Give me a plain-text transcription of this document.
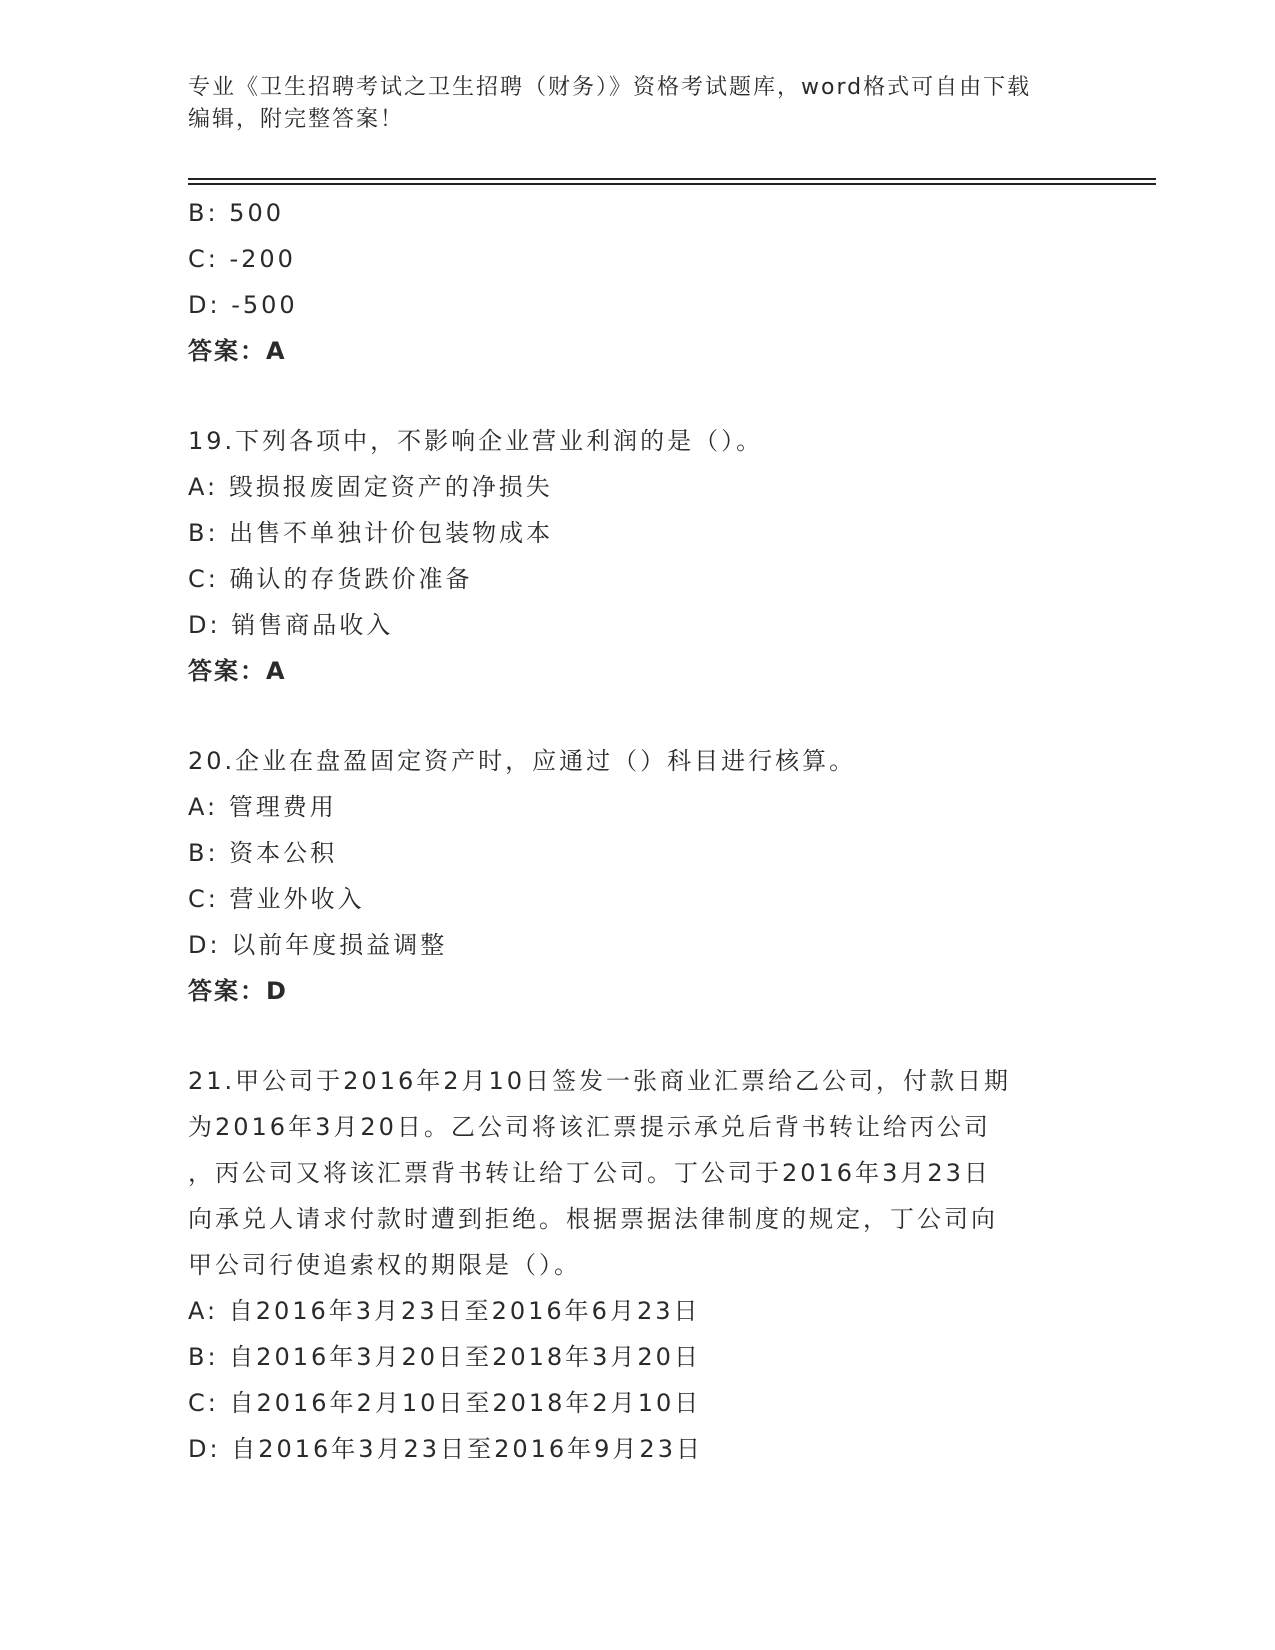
专业《卫生招聘考试之卫生招聘（财务）》资格考试题库，word格式可自由下载
编辑，附完整答案！
B: 500
C: -200
D: -500
答案：A
19.下列各项中，不影响企业营业利润的是（）。
A: 毁损报废固定资产的净损失
B: 出售不单独计价包装物成本
C: 确认的存货跌价准备
D: 销售商品收入
答案：A
20.企业在盘盈固定资产时，应通过（）科目进行核算。
A: 管理费用
B: 资本公积
C: 营业外收入
D: 以前年度损益调整
答案：D
21.甲公司于2016年2月10日签发一张商业汇票给乙公司，付款日期
为2016年3月20日。乙公司将该汇票提示承兑后背书转让给丙公司
，丙公司又将该汇票背书转让给丁公司。丁公司于2016年3月23日
向承兑人请求付款时遭到拒绝。根据票据法律制度的规定，丁公司向
甲公司行使追索权的期限是（）。
A: 自2016年3月23日至2016年6月23日
B: 自2016年3月20日至2018年3月20日
C: 自2016年2月10日至2018年2月10日
D: 自2016年3月23日至2016年9月23日
